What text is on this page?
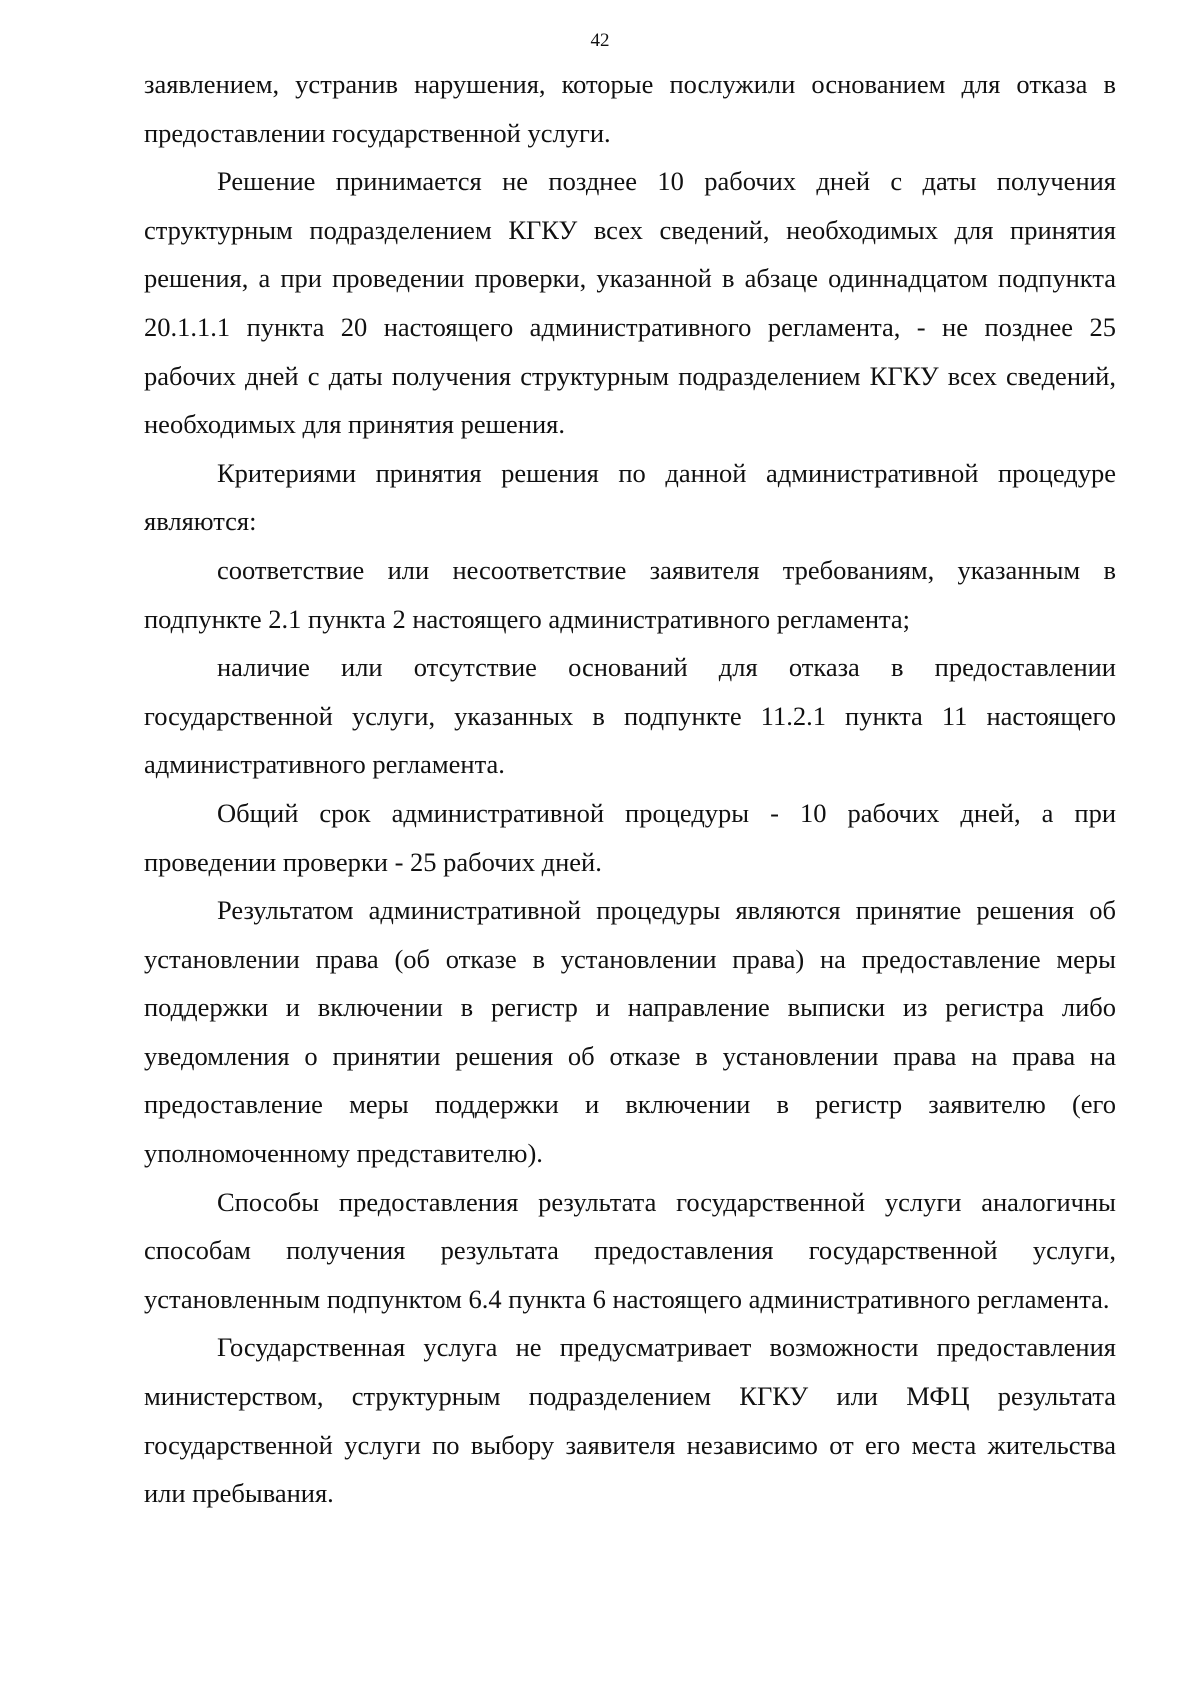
42

заявлением, устранив нарушения, которые послужили основанием для отказа в предоставлении государственной услуги.

Решение принимается не позднее 10 рабочих дней с даты получения структурным подразделением КГКУ всех сведений, необходимых для принятия решения, а при проведении проверки, указанной в абзаце одиннадцатом подпункта 20.1.1.1 пункта 20 настоящего административного регламента, - не позднее 25 рабочих дней с даты получения структурным подразделением КГКУ всех сведений, необходимых для принятия решения.

Критериями принятия решения по данной административной процедуре являются:

соответствие или несоответствие заявителя требованиям, указанным в подпункте 2.1 пункта 2 настоящего административного регламента;

наличие или отсутствие оснований для отказа в предоставлении государственной услуги, указанных в подпункте 11.2.1 пункта 11 настоящего административного регламента.

Общий срок административной процедуры - 10 рабочих дней, а при проведении проверки - 25 рабочих дней.

Результатом административной процедуры являются принятие решения об установлении права (об отказе в установлении права) на предоставление меры поддержки и включении в регистр и направление выписки из регистра либо уведомления о принятии решения об отказе в установлении права на права на предоставление меры поддержки и включении в регистр заявителю (его уполномоченному представителю).

Способы предоставления результата государственной услуги аналогичны способам получения результата предоставления государственной услуги, установленным подпунктом 6.4 пункта 6 настоящего административного регламента.

Государственная услуга не предусматривает возможности предоставления министерством, структурным подразделением КГКУ или МФЦ результата государственной услуги по выбору заявителя независимо от его места жительства или пребывания.
